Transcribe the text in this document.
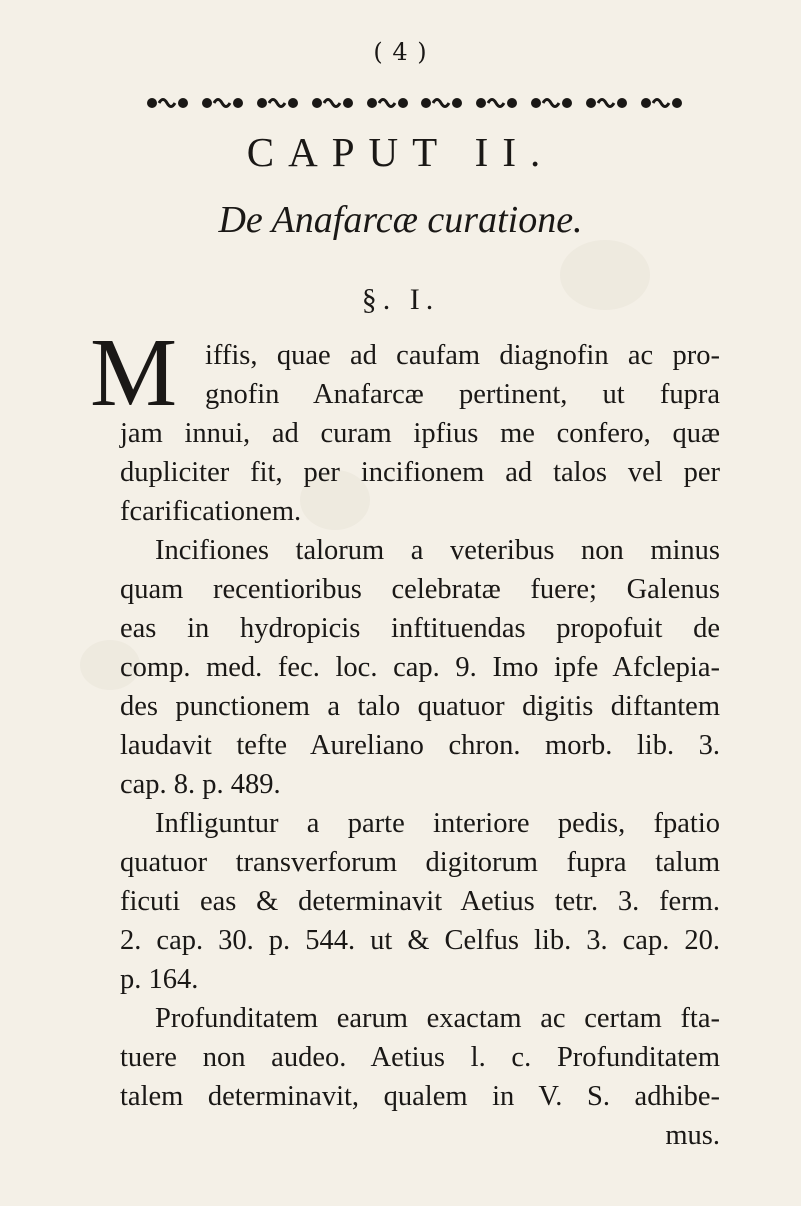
( 4 )
CAPUT II.
De Anafarcæ curatione.
§. I.
M iffis, quae ad caufam diagnofin ac pro-
gnofin Anafarcæ pertinent, ut fupra
jam innui, ad curam ipfius me confero, quæ
dupliciter fit, per incifionem ad talos vel per
fcarificationem.
Incifiones talorum a veteribus non minus
quam recentioribus celebratæ fuere; Galenus
eas in hydropicis inftituendas propofuit de
comp. med. fec. loc. cap. 9. Imo ipfe Afclepia-
des punctionem a talo quatuor digitis diftantem
laudavit tefte Aureliano chron. morb. lib. 3.
cap. 8. p. 489.
Infliguntur a parte interiore pedis, fpatio
quatuor transverforum digitorum fupra talum
ficuti eas & determinavit Aetius tetr. 3. ferm.
2. cap. 30. p. 544. ut & Celfus lib. 3. cap. 20.
p. 164.
Profunditatem earum exactam ac certam fta-
tuere non audeo. Aetius l. c. Profunditatem
talem determinavit, qualem in V. S. adhibe-
mus.
